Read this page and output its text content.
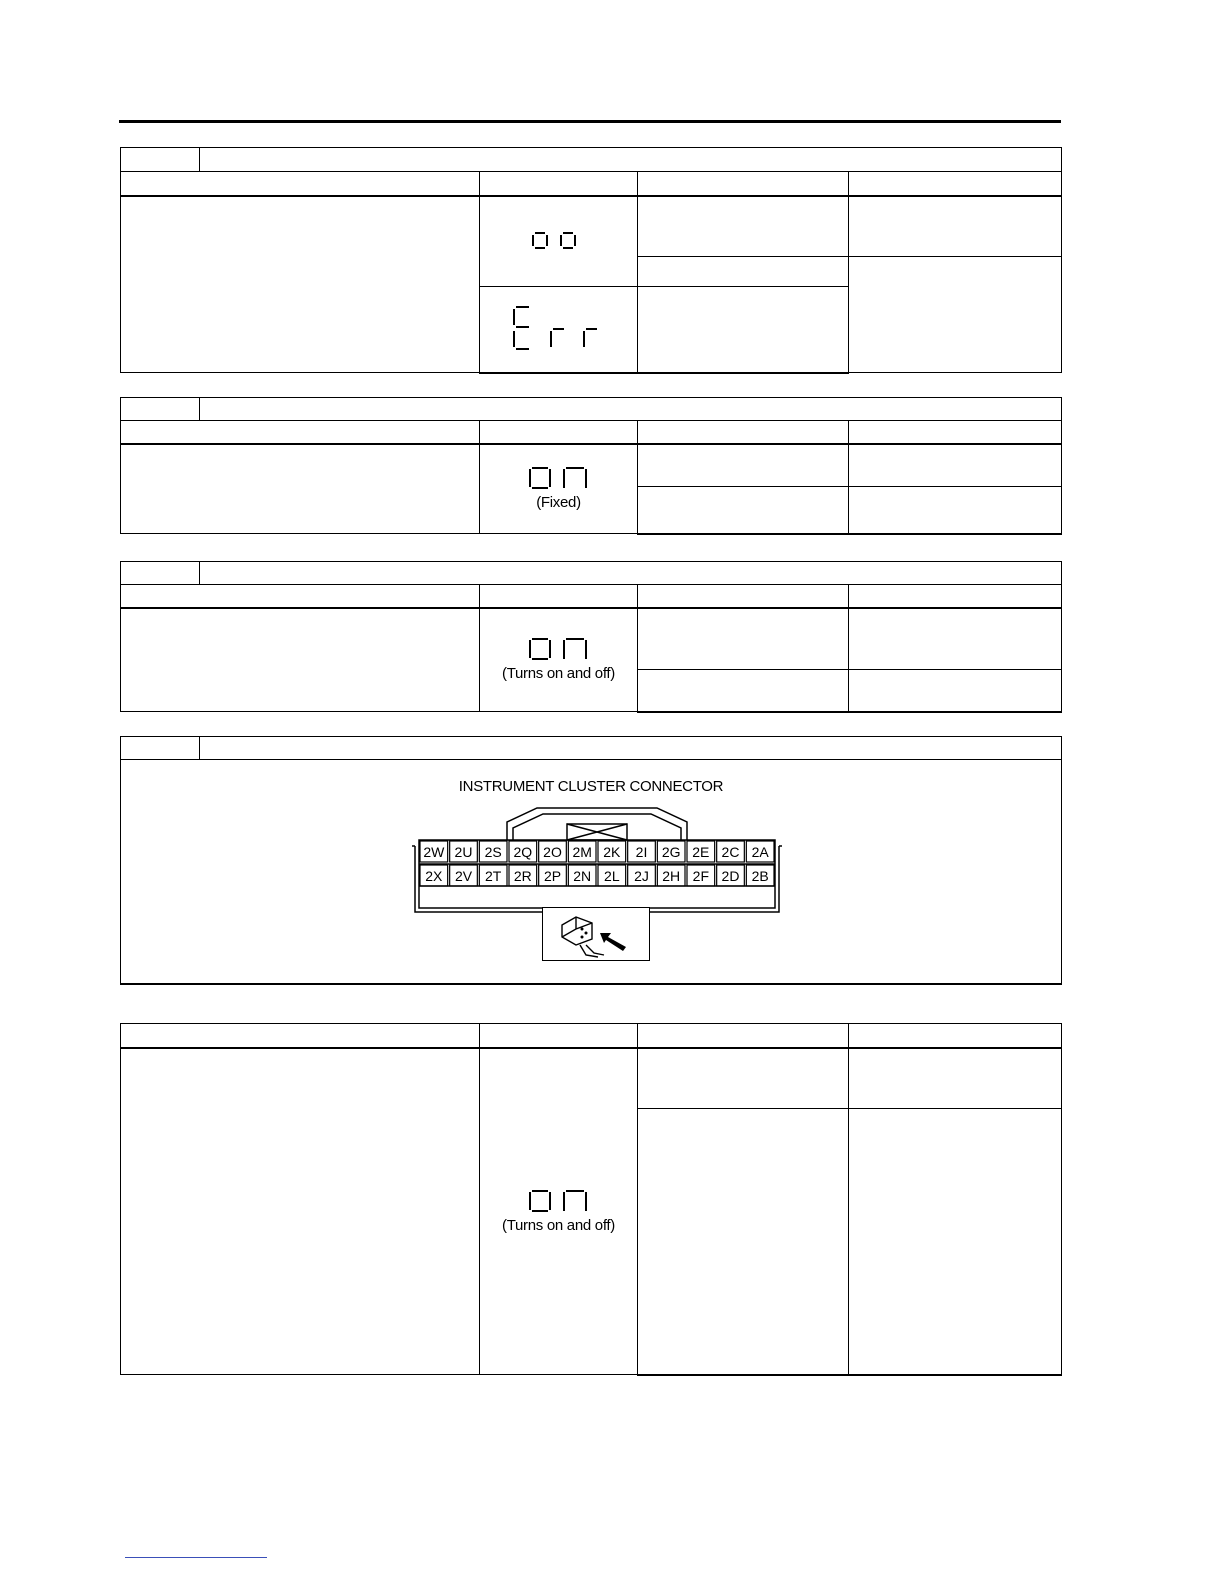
		(Fixed)		

		(Turns on and off)		

INSTRUMENT CLUSTER CONNECTOR
2W 2U 2S 2Q 2O 2M 2K 2I 2G 2E 2C 2A
2X 2V 2T 2R 2P 2N 2L 2J 2H 2F 2D 2B

	(Turns on and off)		
